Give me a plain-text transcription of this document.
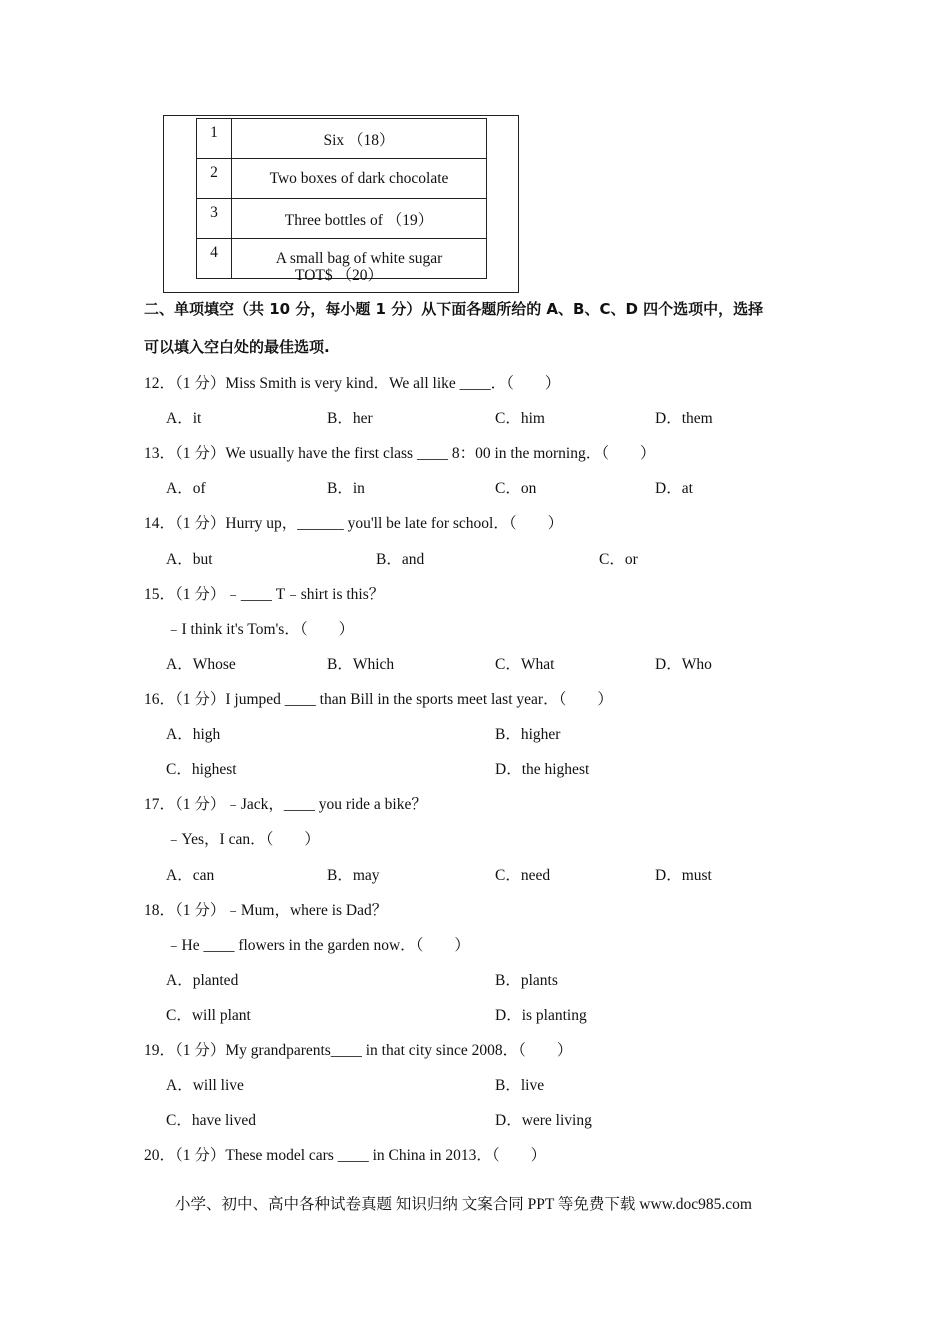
1	Six （18）
2	Two boxes of dark chocolate
3	Three bottles of （19）
4	A small bag of white sugar
TOT$ （20）
二、单项填空（共 10 分，每小题 1 分）从下面各题所给的 A、B、C、D 四个选项中，选择
可以填入空白处的最佳选项.
12．（1 分）Miss Smith is very kind．We all like ____．（　　）
A．it	B．her	C．him	D．them
13．（1 分）We usually have the first class ____ 8：00 in the morning．（　　）
A．of	B．in	C．on	D．at
14．（1 分）Hurry up，______ you'll be late for school．（　　）
A．but	B．and	C．or
15．（1 分）﹣____ T﹣shirt is this？
﹣I think it's Tom's．（　　）
A．Whose	B．Which	C．What	D．Who
16．（1 分）I jumped ____ than Bill in the sports meet last year．（　　）
A．high	B．higher
C．highest	D．the highest
17．（1 分）﹣Jack，____ you ride a bike？
﹣Yes，I can．（　　）
A．can	B．may	C．need	D．must
18．（1 分）﹣Mum，where is Dad？
﹣He ____ flowers in the garden now．（　　）
A．planted	B．plants
C．will plant	D．is planting
19．（1 分）My grandparents____ in that city since 2008．（　　）
A．will live	B．live
C．have lived	D．were living
20．（1 分）These model cars ____ in China in 2013．（　　）
小学、初中、高中各种试卷真题 知识归纳 文案合同 PPT 等免费下载 www.doc985.com
